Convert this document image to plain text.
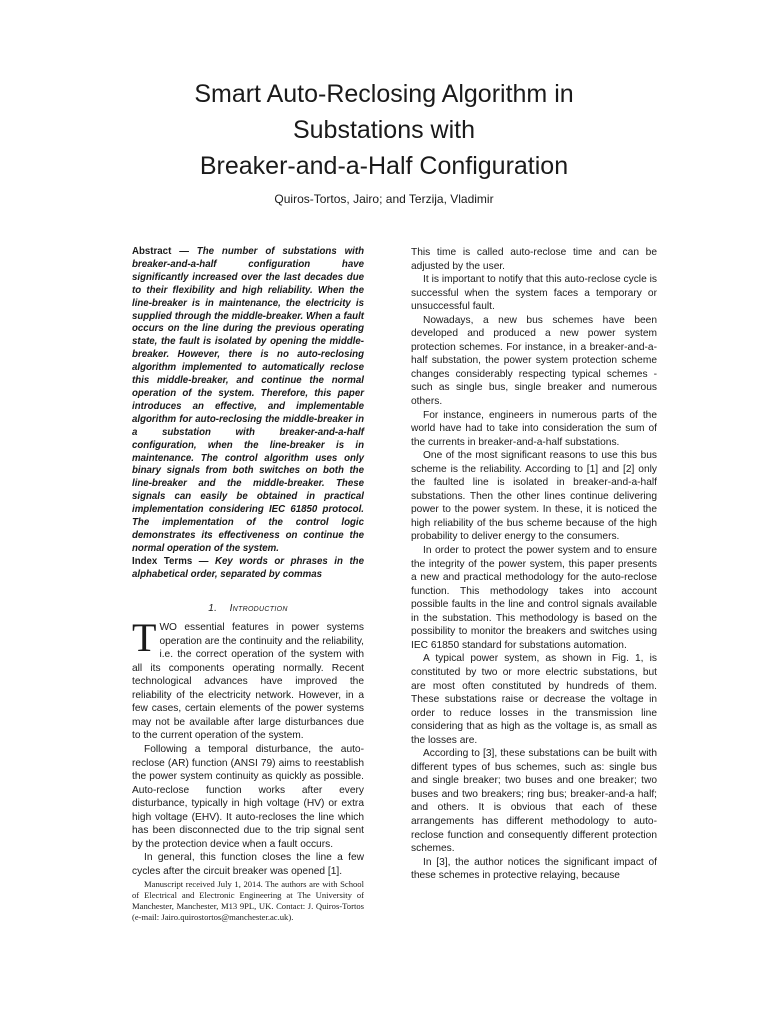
Smart Auto-Reclosing Algorithm in
Substations with
Breaker-and-a-Half Configuration

Quiros-Tortos, Jairo; and Terzija, Vladimir

Abstract — The number of substations with breaker-and-a-half configuration have significantly increased over the last decades due to their flexibility and high reliability. When the line-breaker is in maintenance, the electricity is supplied through the middle-breaker. When a fault occurs on the line during the previous operating state, the fault is isolated by opening the middle-breaker. However, there is no auto-reclosing algorithm implemented to automatically reclose this middle-breaker, and continue the normal operation of the system. Therefore, this paper introduces an effective, and implementable algorithm for auto-reclosing the middle-breaker in a substation with breaker-and-a-half configuration, when the line-breaker is in maintenance. The control algorithm uses only binary signals from both switches on both the line-breaker and the middle-breaker. These signals can easily be obtained in practical implementation considering IEC 61850 protocol. The implementation of the control logic demonstrates its effectiveness on continue the normal operation of the system.

Index Terms — Key words or phrases in the alphabetical order, separated by commas

1. Introduction

TWO essential features in power systems operation are the continuity and the reliability, i.e. the correct operation of the system with all its components operating normally. Recent technological advances have improved the reliability of the electricity network. However, in a few cases, certain elements of the power systems may not be available after large disturbances due to the current operation of the system.

Following a temporal disturbance, the auto-reclose (AR) function (ANSI 79) aims to reestablish the power system continuity as quickly as possible. Auto-reclose function works after every disturbance, typically in high voltage (HV) or extra high voltage (EHV). It auto-recloses the line which has been disconnected due to the trip signal sent by the protection device when a fault occurs.

In general, this function closes the line a few cycles after the circuit breaker was opened [1].

Manuscript received July 1, 2014. The authors are with School of Electrical and Electronic Engineering at The University of Manchester, Manchester, M13 9PL, UK. Contact: J. Quiros-Tortos (e-mail: Jairo.quirostortos@manchester.ac.uk).

This time is called auto-reclose time and can be adjusted by the user.

It is important to notify that this auto-reclose cycle is successful when the system faces a temporary or unsuccessful fault.

Nowadays, a new bus schemes have been developed and produced a new power system protection schemes. For instance, in a breaker-and-a-half substation, the power system protection scheme changes considerably respecting typical schemes - such as single bus, single breaker and numerous others.

For instance, engineers in numerous parts of the world have had to take into consideration the sum of the currents in breaker-and-a-half substations.

One of the most significant reasons to use this bus scheme is the reliability. According to [1] and [2] only the faulted line is isolated in breaker-and-a-half substations. Then the other lines continue delivering power to the power system. In these, it is noticed the high reliability of the bus scheme because of the high probability to deliver energy to the consumers.

In order to protect the power system and to ensure the integrity of the power system, this paper presents a new and practical methodology for the auto-reclose function. This methodology takes into account possible faults in the line and control signals available in the substation. This methodology is based on the possibility to monitor the breakers and switches using IEC 61850 standard for substations automation.

A typical power system, as shown in Fig. 1, is constituted by two or more electric substations, but are most often constituted by hundreds of them. These substations raise or decrease the voltage in order to reduce losses in the transmission line considering that as high as the voltage is, as small as the losses are.

According to [3], these substations can be built with different types of bus schemes, such as: single bus and single breaker; two buses and one breaker; two buses and two breakers; ring bus; breaker-and-a half; and others. It is obvious that each of these arrangements has different methodology to auto-reclose function and consequently different protection schemes.

In [3], the author notices the significant impact of these schemes in protective relaying, because
